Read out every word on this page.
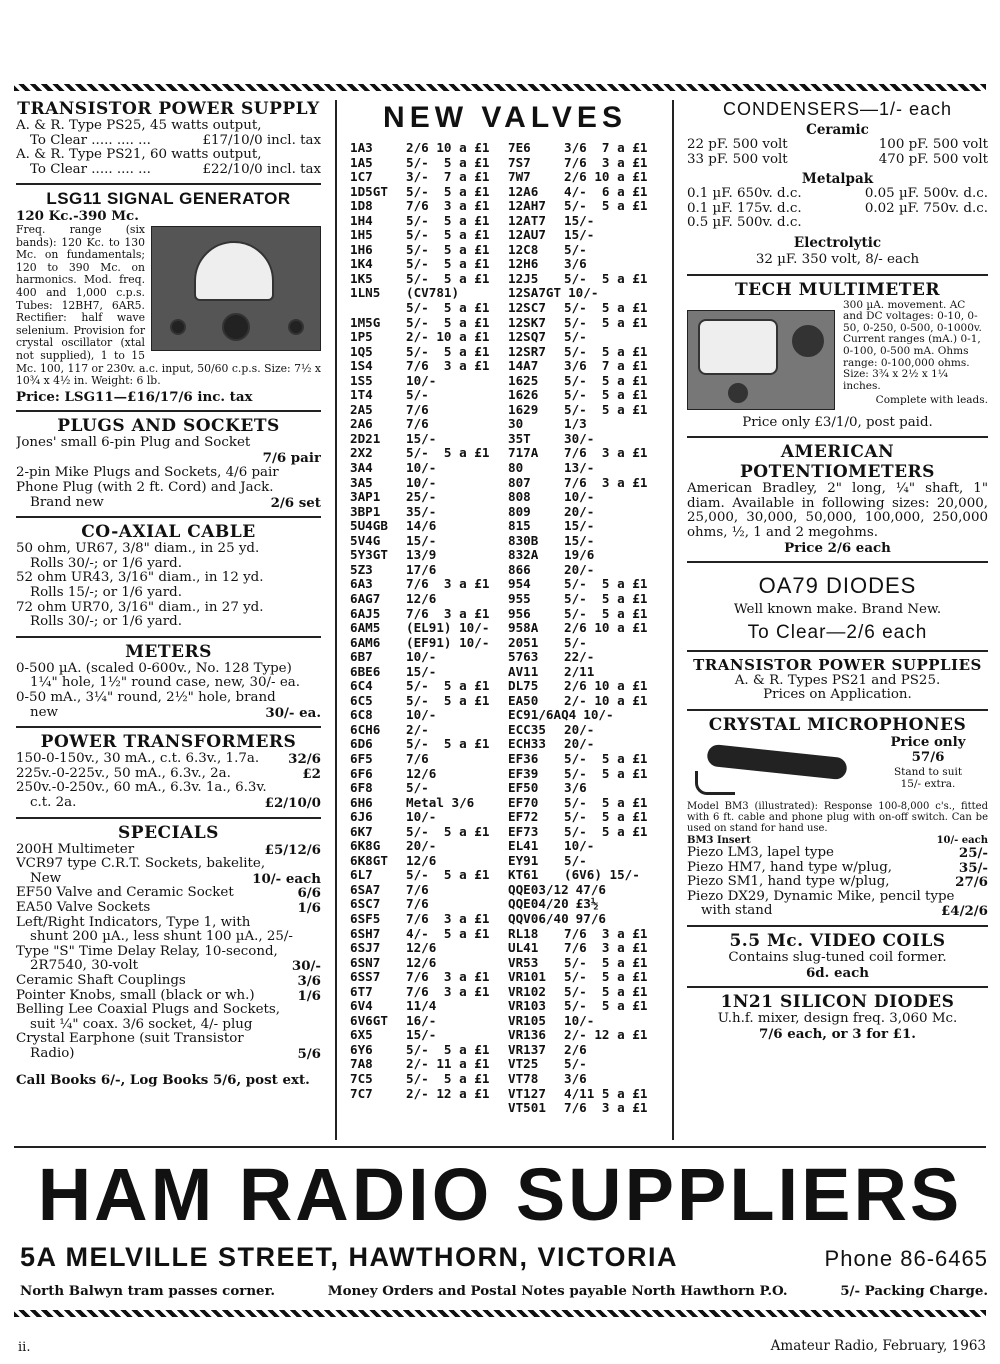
TRANSISTOR POWER SUPPLY
A. & R. Type PS25, 45 watts output,
To Clear ..... .... ...	£17/10/0 incl. tax
A. & R. Type PS21, 60 watts output,
To Clear ..... .... ...	£22/10/0 incl. tax
LSG11 SIGNAL GENERATOR
120 Kc.-390 Mc.
Freq. range (six bands): 120 Kc. to 130 Mc. on fundamentals; 120 to 390 Mc. on harmonics. Mod. freq. 400 and 1,000 c.p.s. Tubes: 12BH7, 6AR5. Rectifier: half wave selenium. Provision for crystal oscillator (xtal not supplied), 1 to 15 Mc. 100, 117 or 230v. a.c. input, 50/60 c.p.s. Size: 7½ x 10¾ x 4½ in. Weight: 6 lb.
Price: LSG11—£16/17/6 inc. tax
PLUGS AND SOCKETS
Jones' small 6-pin Plug and Socket
7/6 pair
2-pin Mike Plugs and Sockets, 4/6 pair
Phone Plug (with 2 ft. Cord) and Jack.
Brand new	2/6 set
CO-AXIAL CABLE
50 ohm, UR67, 3/8" diam., in 25 yd.
Rolls 30/-; or 1/6 yard.
52 ohm UR43, 3/16" diam., in 12 yd.
Rolls 15/-; or 1/6 yard.
72 ohm UR70, 3/16" diam., in 27 yd.
Rolls 30/-; or 1/6 yard.
METERS
0-500 µA. (scaled 0-600v., No. 128 Type)
1¼" hole, 1½" round case, new, 30/- ea.
0-50 mA., 3¼" round, 2½" hole, brand
new	30/- ea.
POWER TRANSFORMERS
150-0-150v., 30 mA., c.t. 6.3v., 1.7a. 32/6
225v.-0-225v., 50 mA., 6.3v., 2a.	£2
250v.-0-250v., 60 mA., 6.3v. 1a., 6.3v.
c.t. 2a.	£2/10/0
SPECIALS
200H Multimeter	£5/12/6
VCR97 type C.R.T. Sockets, bakelite,
New	10/- each
EF50 Valve and Ceramic Socket	6/6
EA50 Valve Sockets	1/6
Left/Right Indicators, Type 1, with
shunt 200 µA., less shunt 100 µA., 25/-
Type "S" Time Delay Relay, 10-second,
2R7540, 30-volt	30/-
Ceramic Shaft Couplings	3/6
Pointer Knobs, small (black or wh.)	1/6
Belling Lee Coaxial Plugs and Sockets,
suit ¼" coax. 3/6 socket, 4/- plug
Crystal Earphone (suit Transistor
Radio)	5/6
Call Books 6/-, Log Books 5/6, post ext.
NEW VALVES
1A3	2/6 10 a £1
1A5	5/-  5 a £1
1C7	3/-  7 a £1
1D5GT	5/-  5 a £1
1D8	7/6  3 a £1
1H4	5/-  5 a £1
1H5	5/-  5 a £1
1H6	5/-  5 a £1
1K4	5/-  5 a £1
1K5	5/-  5 a £1
1LN5	(CV781)
5/-  5 a £1
1M5G	5/-  5 a £1
1P5	2/- 10 a £1
1Q5	5/-  5 a £1
1S4	7/6  3 a £1
1S5	10/-
1T4	5/-
2A5	7/6
2A6	7/6
2D21	15/-
2X2	5/-  5 a £1
3A4	10/-
3A5	10/-
3AP1	25/-
3BP1	35/-
5U4GB	14/6
5V4G	15/-
5Y3GT	13/9
5Z3	17/6
6A3	7/6  3 a £1
6AG7	12/6
6AJ5	7/6  3 a £1
6AM5	(EL91) 10/-
6AM6	(EF91) 10/-
6B7	10/-
6BE6	15/-
6C4	5/-  5 a £1
6C5	5/-  5 a £1
6C8	10/-
6CH6	2/-
6D6	5/-  5 a £1
6F5	7/6
6F6	12/6
6F8	5/-
6H6	Metal 3/6
6J6	10/-
6K7	5/-  5 a £1
6K8G	20/-
6K8GT	12/6
6L7	5/-  5 a £1
6SA7	7/6
6SC7	7/6
6SF5	7/6  3 a £1
6SH7	4/-  5 a £1
6SJ7	12/6
6SN7	12/6
6SS7	7/6  3 a £1
6T7	7/6  3 a £1
6V4	11/4
6V6GT	16/-
6X5	15/-
6Y6	5/-  5 a £1
7A8	2/- 11 a £1
7C5	5/-  5 a £1
7C7	2/- 12 a £1
7E6	3/6  7 a £1
7S7	7/6  3 a £1
7W7	2/6 10 a £1
12A6	4/-  6 a £1
12AH7	5/-  5 a £1
12AT7	15/-
12AU7	15/-
12C8	5/-
12H6	3/6
12J5	5/-  5 a £1
12SA7GT 10/-
12SC7	5/-  5 a £1
12SK7	5/-  5 a £1
12SQ7	5/-
12SR7	5/-  5 a £1
14A7	3/6  7 a £1
1625	5/-  5 a £1
1626	5/-  5 a £1
1629	5/-  5 a £1
30	1/3
35T	30/-
717A	7/6  3 a £1
80	13/-
807	7/6  3 a £1
808	10/-
809	20/-
815	15/-
830B	15/-
832A	19/6
866	20/-
954	5/-  5 a £1
955	5/-  5 a £1
956	5/-  5 a £1
958A	2/6 10 a £1
2051	5/-
5763	22/-
AV11	2/11
DL75	2/6 10 a £1
EA50	2/- 10 a £1
EC91/6AQ4 10/-
ECC35	20/-
ECH33	20/-
EF36	5/-  5 a £1
EF39	5/-  5 a £1
EF50	3/6
EF70	5/-  5 a £1
EF72	5/-  5 a £1
EF73	5/-  5 a £1
EL41	10/-
EY91	5/-
KT61	(6V6) 15/-
QQE03/12 47/6
QQE04/20 £3½
QQV06/40 97/6
RL18	7/6  3 a £1
UL41	7/6  3 a £1
VR53	5/-  5 a £1
VR101	5/-  5 a £1
VR102	5/-  5 a £1
VR103	5/-  5 a £1
VR105	10/-
VR136	2/- 12 a £1
VR137	2/6
VT25	5/-
VT78	3/6
VT127	4/11 5 a £1
VT501	7/6  3 a £1
CONDENSERS—1/- each
Ceramic
22 pF. 500 volt	100 pF. 500 volt
33 pF. 500 volt	470 pF. 500 volt
Metalpak
0.1 µF. 650v. d.c.	0.05 µF. 500v. d.c.
0.1 µF. 175v. d.c.	0.02 µF. 750v. d.c.
0.5 µF. 500v. d.c.
Electrolytic
32 µF. 350 volt, 8/- each
TECH MULTIMETER
300 µA. movement. AC and DC voltages: 0-10, 0-50, 0-250, 0-500, 0-1000v. Current ranges (mA.) 0-1, 0-100, 0-500 mA. Ohms range: 0-100,000 ohms. Size: 3¾ x 2½ x 1¼ inches.
Complete with leads.
Price only £3/1/0, post paid.
AMERICAN POTENTIOMETERS
American Bradley, 2" long, ¼" shaft, 1" diam. Available in following sizes: 20,000, 25,000, 30,000, 50,000, 100,000, 250,000 ohms, ½, 1 and 2 megohms.
Price 2/6 each
OA79 DIODES
Well known make. Brand New.
To Clear—2/6 each
TRANSISTOR POWER SUPPLIES
A. & R. Types PS21 and PS25.
Prices on Application.
CRYSTAL MICROPHONES
Price only
57/6
Stand to suit
15/- extra.
Model BM3 (illustrated): Response 100-8,000 c's., fitted with 6 ft. cable and phone plug with on-off switch. Can be used on stand for hand use.
BM3 Insert	10/- each
Piezo LM3, lapel type	25/-
Piezo HM7, hand type w/plug,	35/-
Piezo SM1, hand type w/plug,	27/6
Piezo DX29, Dynamic Mike, pencil type
with stand	£4/2/6
5.5 Mc. VIDEO COILS
Contains slug-tuned coil former.
6d. each
1N21 SILICON DIODES
U.h.f. mixer, design freq. 3,060 Mc.
7/6 each, or 3 for £1.
HAM RADIO SUPPLIERS
5A MELVILLE STREET, HAWTHORN, VICTORIA	Phone 86-6465
North Balwyn tram passes corner.	Money Orders and Postal Notes payable North Hawthorn P.O.	5/- Packing Charge.
ii.	Amateur Radio, February, 1963
